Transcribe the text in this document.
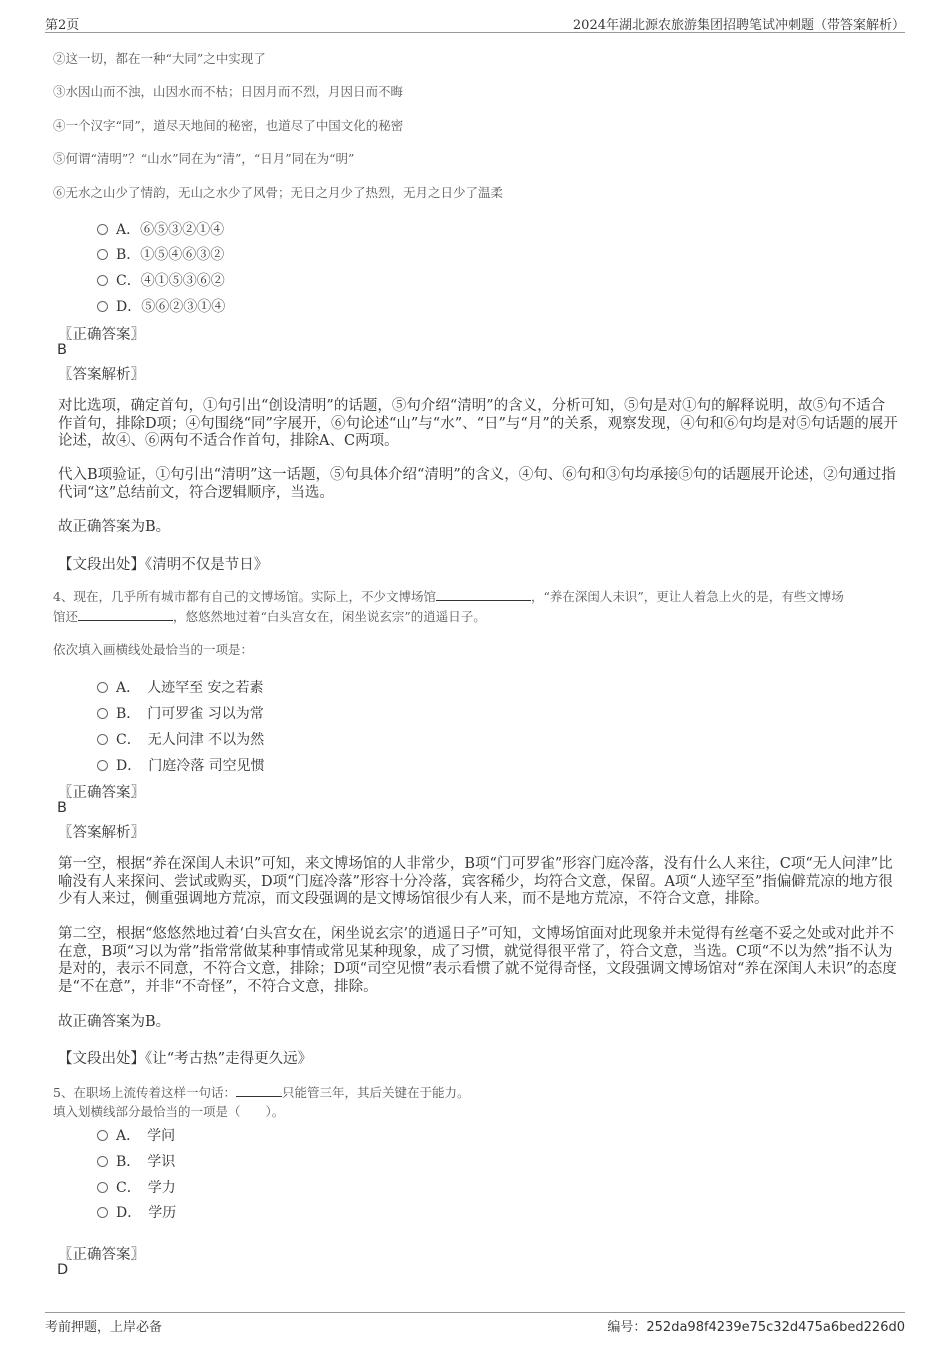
第2页	2024年湖北源农旅游集团招聘笔试冲刺题（带答案解析）
②这一切，都在一种“大同”之中实现了
③水因山而不浊，山因水而不枯；日因月而不烈，月因日而不晦
④一个汉字“同”，道尽天地间的秘密，也道尽了中国文化的秘密
⑤何谓“清明”？“山水”同在为“清”，“日月”同在为“明”
⑥无水之山少了情韵，无山之水少了风骨；无日之月少了热烈，无月之日少了温柔
A．⑥⑤③②①④
B．①⑤④⑥③②
C．④①⑤③⑥②
D．⑤⑥②③①④
〖正确答案〗
B
〖答案解析〗
对比选项，确定首句，①句引出“创设清明”的话题，⑤句介绍“清明”的含义，分析可知，⑤句是对①句的解释说明，故⑤句不适合作首句，排除D项；④句围绕“同”字展开，⑥句论述“山”与“水”、“日”与“月”的关系，观察发现，④句和⑥句均是对⑤句话题的展开论述，故④、⑥两句不适合作首句，排除A、C两项。
代入B项验证，①句引出“清明”这一话题，⑤句具体介绍“清明”的含义，④句、⑥句和③句均承接⑤句的话题展开论述，②句通过指代词“这”总结前文，符合逻辑顺序，当选。
故正确答案为B。
【文段出处】《清明不仅是节日》
4、现在，几乎所有城市都有自己的文博场馆。实际上，不少文博场馆	，“养在深闺人未识”，更让人着急上火的是，有些文博场
馆还	，悠悠然地过着“白头宫女在，闲坐说玄宗”的逍遥日子。
依次填入画横线处最恰当的一项是：
A．　人迹罕至 安之若素
B．　门可罗雀 习以为常
C．　无人问津 不以为然
D．　门庭冷落 司空见惯
〖正确答案〗
B
〖答案解析〗
第一空，根据“养在深闺人未识”可知，来文博场馆的人非常少，B项“门可罗雀”形容门庭冷落，没有什么人来往，C项“无人问津”比喻没有人来探问、尝试或购买，D项“门庭冷落”形容十分冷落，宾客稀少，均符合文意，保留。A项“人迹罕至”指偏僻荒凉的地方很少有人来过，侧重强调地方荒凉，而文段强调的是文博场馆很少有人来，而不是地方荒凉，不符合文意，排除。
第二空，根据“悠悠然地过着‘白头宫女在，闲坐说玄宗’的逍遥日子”可知，文博场馆面对此现象并未觉得有丝毫不妥之处或对此并不在意，B项“习以为常”指常常做某种事情或常见某种现象，成了习惯，就觉得很平常了，符合文意，当选。C项“不以为然”指不认为是对的，表示不同意，不符合文意，排除；D项“司空见惯”表示看惯了就不觉得奇怪，文段强调文博场馆对“养在深闺人未识”的态度是“不在意”，并非“不奇怪”，不符合文意，排除。
故正确答案为B。
【文段出处】《让“考古热”走得更久远》
5、在职场上流传着这样一句话：	只能管三年，其后关键在于能力。
填入划横线部分最恰当的一项是（　　）。
A．　学问
B．　学识
C．　学力
D．　学历
〖正确答案〗
D
考前押题，上岸必备	编号：252da98f4239e75c32d475a6bed226d0
